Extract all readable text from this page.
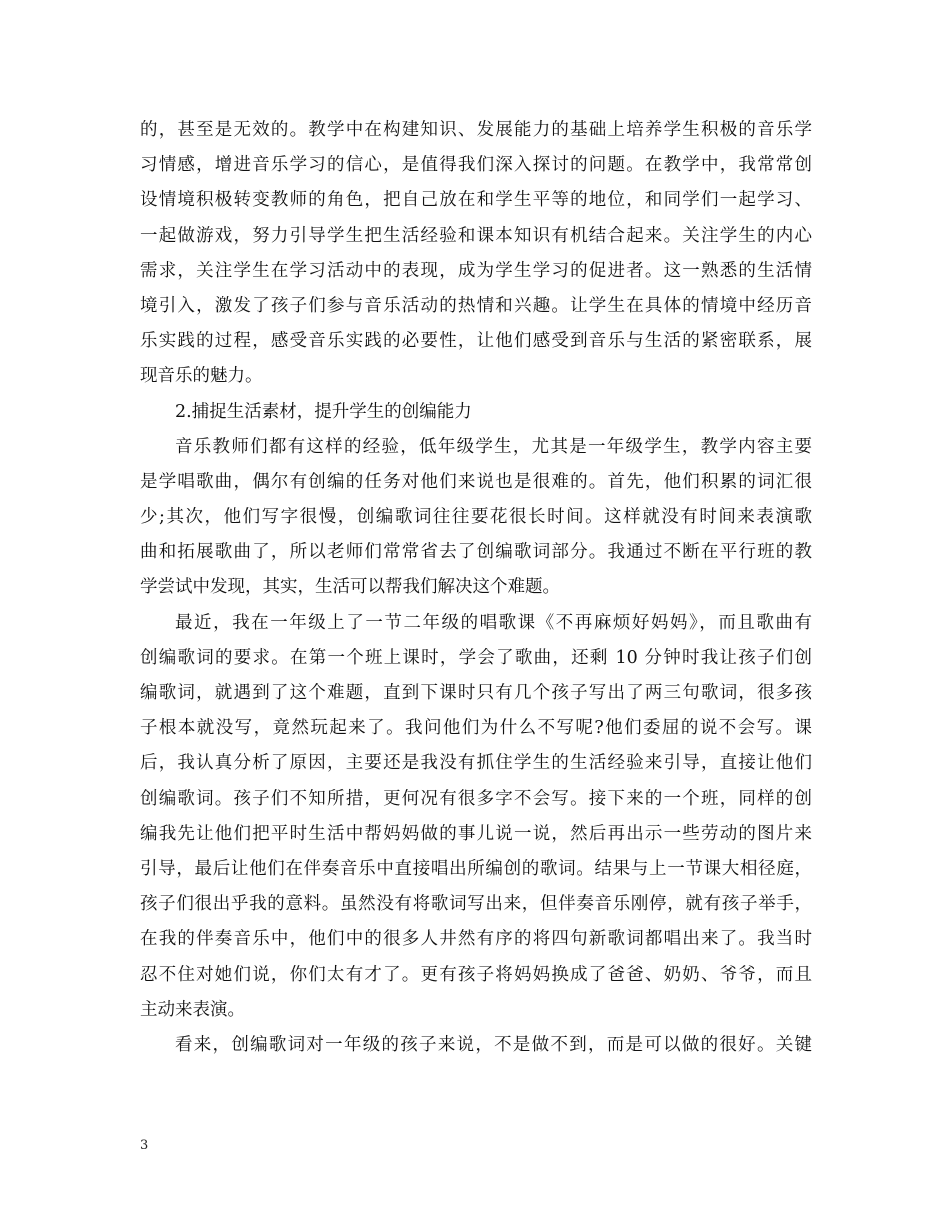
的，甚至是无效的。教学中在构建知识、发展能力的基础上培养学生积极的音乐学
习情感，增进音乐学习的信心，是值得我们深入探讨的问题。在教学中，我常常创
设情境积极转变教师的角色，把自己放在和学生平等的地位，和同学们一起学习、
一起做游戏，努力引导学生把生活经验和课本知识有机结合起来。关注学生的内心
需求，关注学生在学习活动中的表现，成为学生学习的促进者。这一熟悉的生活情
境引入，激发了孩子们参与音乐活动的热情和兴趣。让学生在具体的情境中经历音
乐实践的过程，感受音乐实践的必要性，让他们感受到音乐与生活的紧密联系，展
现音乐的魅力。
2.捕捉生活素材，提升学生的创编能力
音乐教师们都有这样的经验，低年级学生，尤其是一年级学生，教学内容主要
是学唱歌曲，偶尔有创编的任务对他们来说也是很难的。首先，他们积累的词汇很
少;其次，他们写字很慢，创编歌词往往要花很长时间。这样就没有时间来表演歌
曲和拓展歌曲了，所以老师们常常省去了创编歌词部分。我通过不断在平行班的教
学尝试中发现，其实，生活可以帮我们解决这个难题。
最近，我在一年级上了一节二年级的唱歌课《不再麻烦好妈妈》，而且歌曲有
创编歌词的要求。在第一个班上课时，学会了歌曲，还剩 10 分钟时我让孩子们创
编歌词，就遇到了这个难题，直到下课时只有几个孩子写出了两三句歌词，很多孩
子根本就没写，竟然玩起来了。我问他们为什么不写呢?他们委屈的说不会写。课
后，我认真分析了原因，主要还是我没有抓住学生的生活经验来引导，直接让他们
创编歌词。孩子们不知所措，更何况有很多字不会写。接下来的一个班，同样的创
编我先让他们把平时生活中帮妈妈做的事儿说一说，然后再出示一些劳动的图片来
引导，最后让他们在伴奏音乐中直接唱出所编创的歌词。结果与上一节课大相径庭，
孩子们很出乎我的意料。虽然没有将歌词写出来，但伴奏音乐刚停，就有孩子举手，
在我的伴奏音乐中，他们中的很多人井然有序的将四句新歌词都唱出来了。我当时
忍不住对她们说，你们太有才了。更有孩子将妈妈换成了爸爸、奶奶、爷爷，而且
主动来表演。
看来，创编歌词对一年级的孩子来说，不是做不到，而是可以做的很好。关键
3
